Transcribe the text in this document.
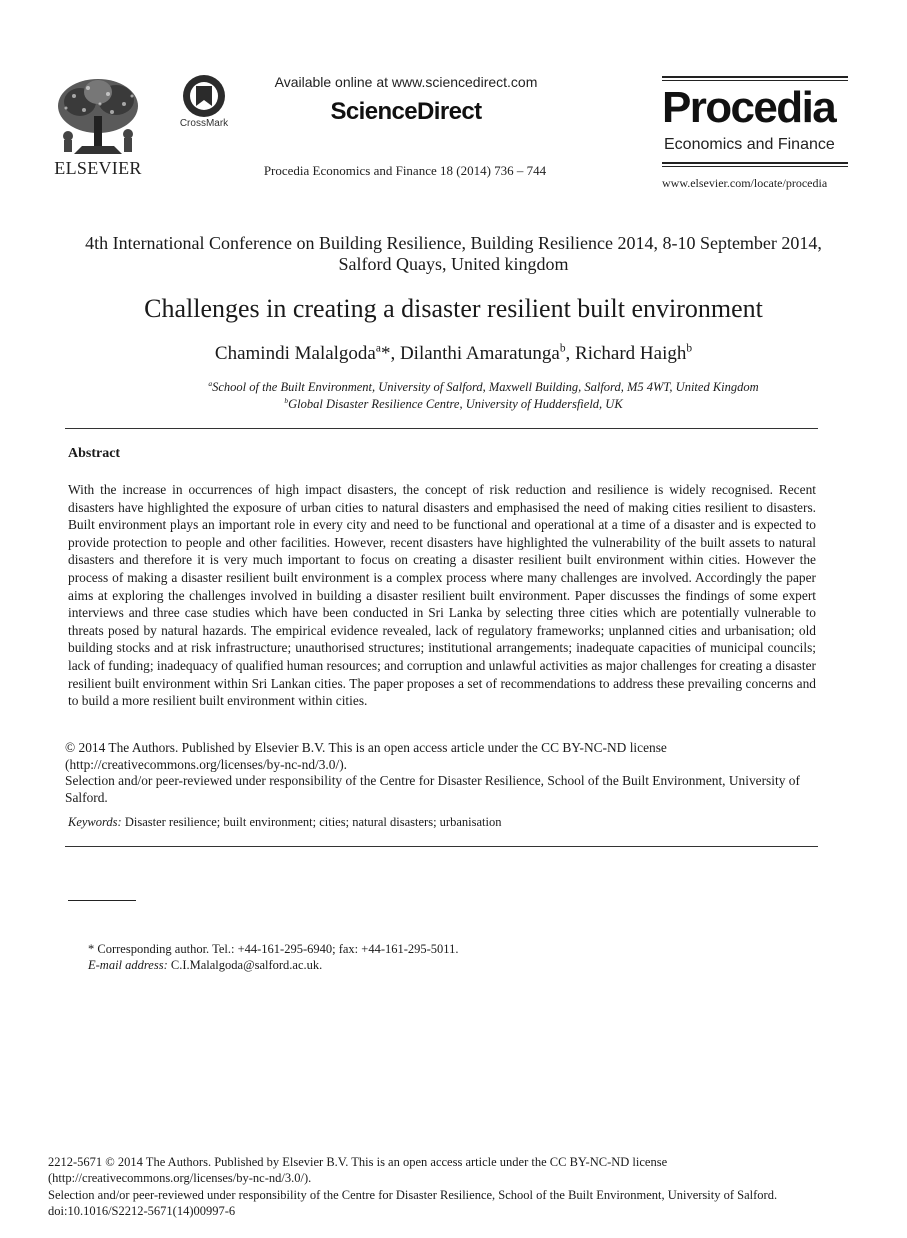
ELSEVIER
CrossMark
Available online at www.sciencedirect.com
ScienceDirect
Procedia Economics and Finance 18 (2014) 736 – 744
Procedia
Economics and Finance
www.elsevier.com/locate/procedia
4th International Conference on Building Resilience, Building Resilience 2014, 8-10 September 2014, Salford Quays, United kingdom
Challenges in creating a disaster resilient built environment
Chamindi Malalgoda$^a$*, Dilanthi Amaratunga$^b$, Richard Haigh$^b$
$^a$School of the Built Environment, University of Salford, Maxwell Building, Salford, M5 4WT, United Kingdom
$^b$Global Disaster Resilience Centre, University of Huddersfield, UK
Abstract
With the increase in occurrences of high impact disasters, the concept of risk reduction and resilience is widely recognised. Recent disasters have highlighted the exposure of urban cities to natural disasters and emphasised the need of making cities resilient to disasters. Built environment plays an important role in every city and need to be functional and operational at a time of a disaster and is expected to provide protection to people and other facilities. However, recent disasters have highlighted the vulnerability of the built assets to natural disasters and therefore it is very much important to focus on creating a disaster resilient built environment within cities. However the process of making a disaster resilient built environment is a complex process where many challenges are involved. Accordingly the paper aims at exploring the challenges involved in building a disaster resilient built environment. Paper discusses the findings of some expert interviews and three case studies which have been conducted in Sri Lanka by selecting three cities which are potentially vulnerable to threats posed by natural hazards. The empirical evidence revealed, lack of regulatory frameworks; unplanned cities and urbanisation; old building stocks and at risk infrastructure; unauthorised structures; institutional arrangements; inadequate capacities of municipal councils; lack of funding; inadequacy of qualified human resources; and corruption and unlawful activities as major challenges for creating a disaster resilient built environment within Sri Lankan cities. The paper proposes a set of recommendations to address these prevailing concerns and to build a more resilient built environment within cities.
© 2014 The Authors. Published by Elsevier B.V. This is an open access article under the CC BY-NC-ND license (http://creativecommons.org/licenses/by-nc-nd/3.0/).
Selection and/or peer-reviewed under responsibility of the Centre for Disaster Resilience, School of the Built Environment, University of Salford.
Keywords: Disaster resilience; built environment; cities; natural disasters; urbanisation
* Corresponding author. Tel.: +44-161-295-6940; fax: +44-161-295-5011.
E-mail address: C.I.Malalgoda@salford.ac.uk.
2212-5671 © 2014 The Authors. Published by Elsevier B.V. This is an open access article under the CC BY-NC-ND license
(http://creativecommons.org/licenses/by-nc-nd/3.0/).
Selection and/or peer-reviewed under responsibility of the Centre for Disaster Resilience, School of the Built Environment, University of Salford.
doi:10.1016/S2212-5671(14)00997-6
